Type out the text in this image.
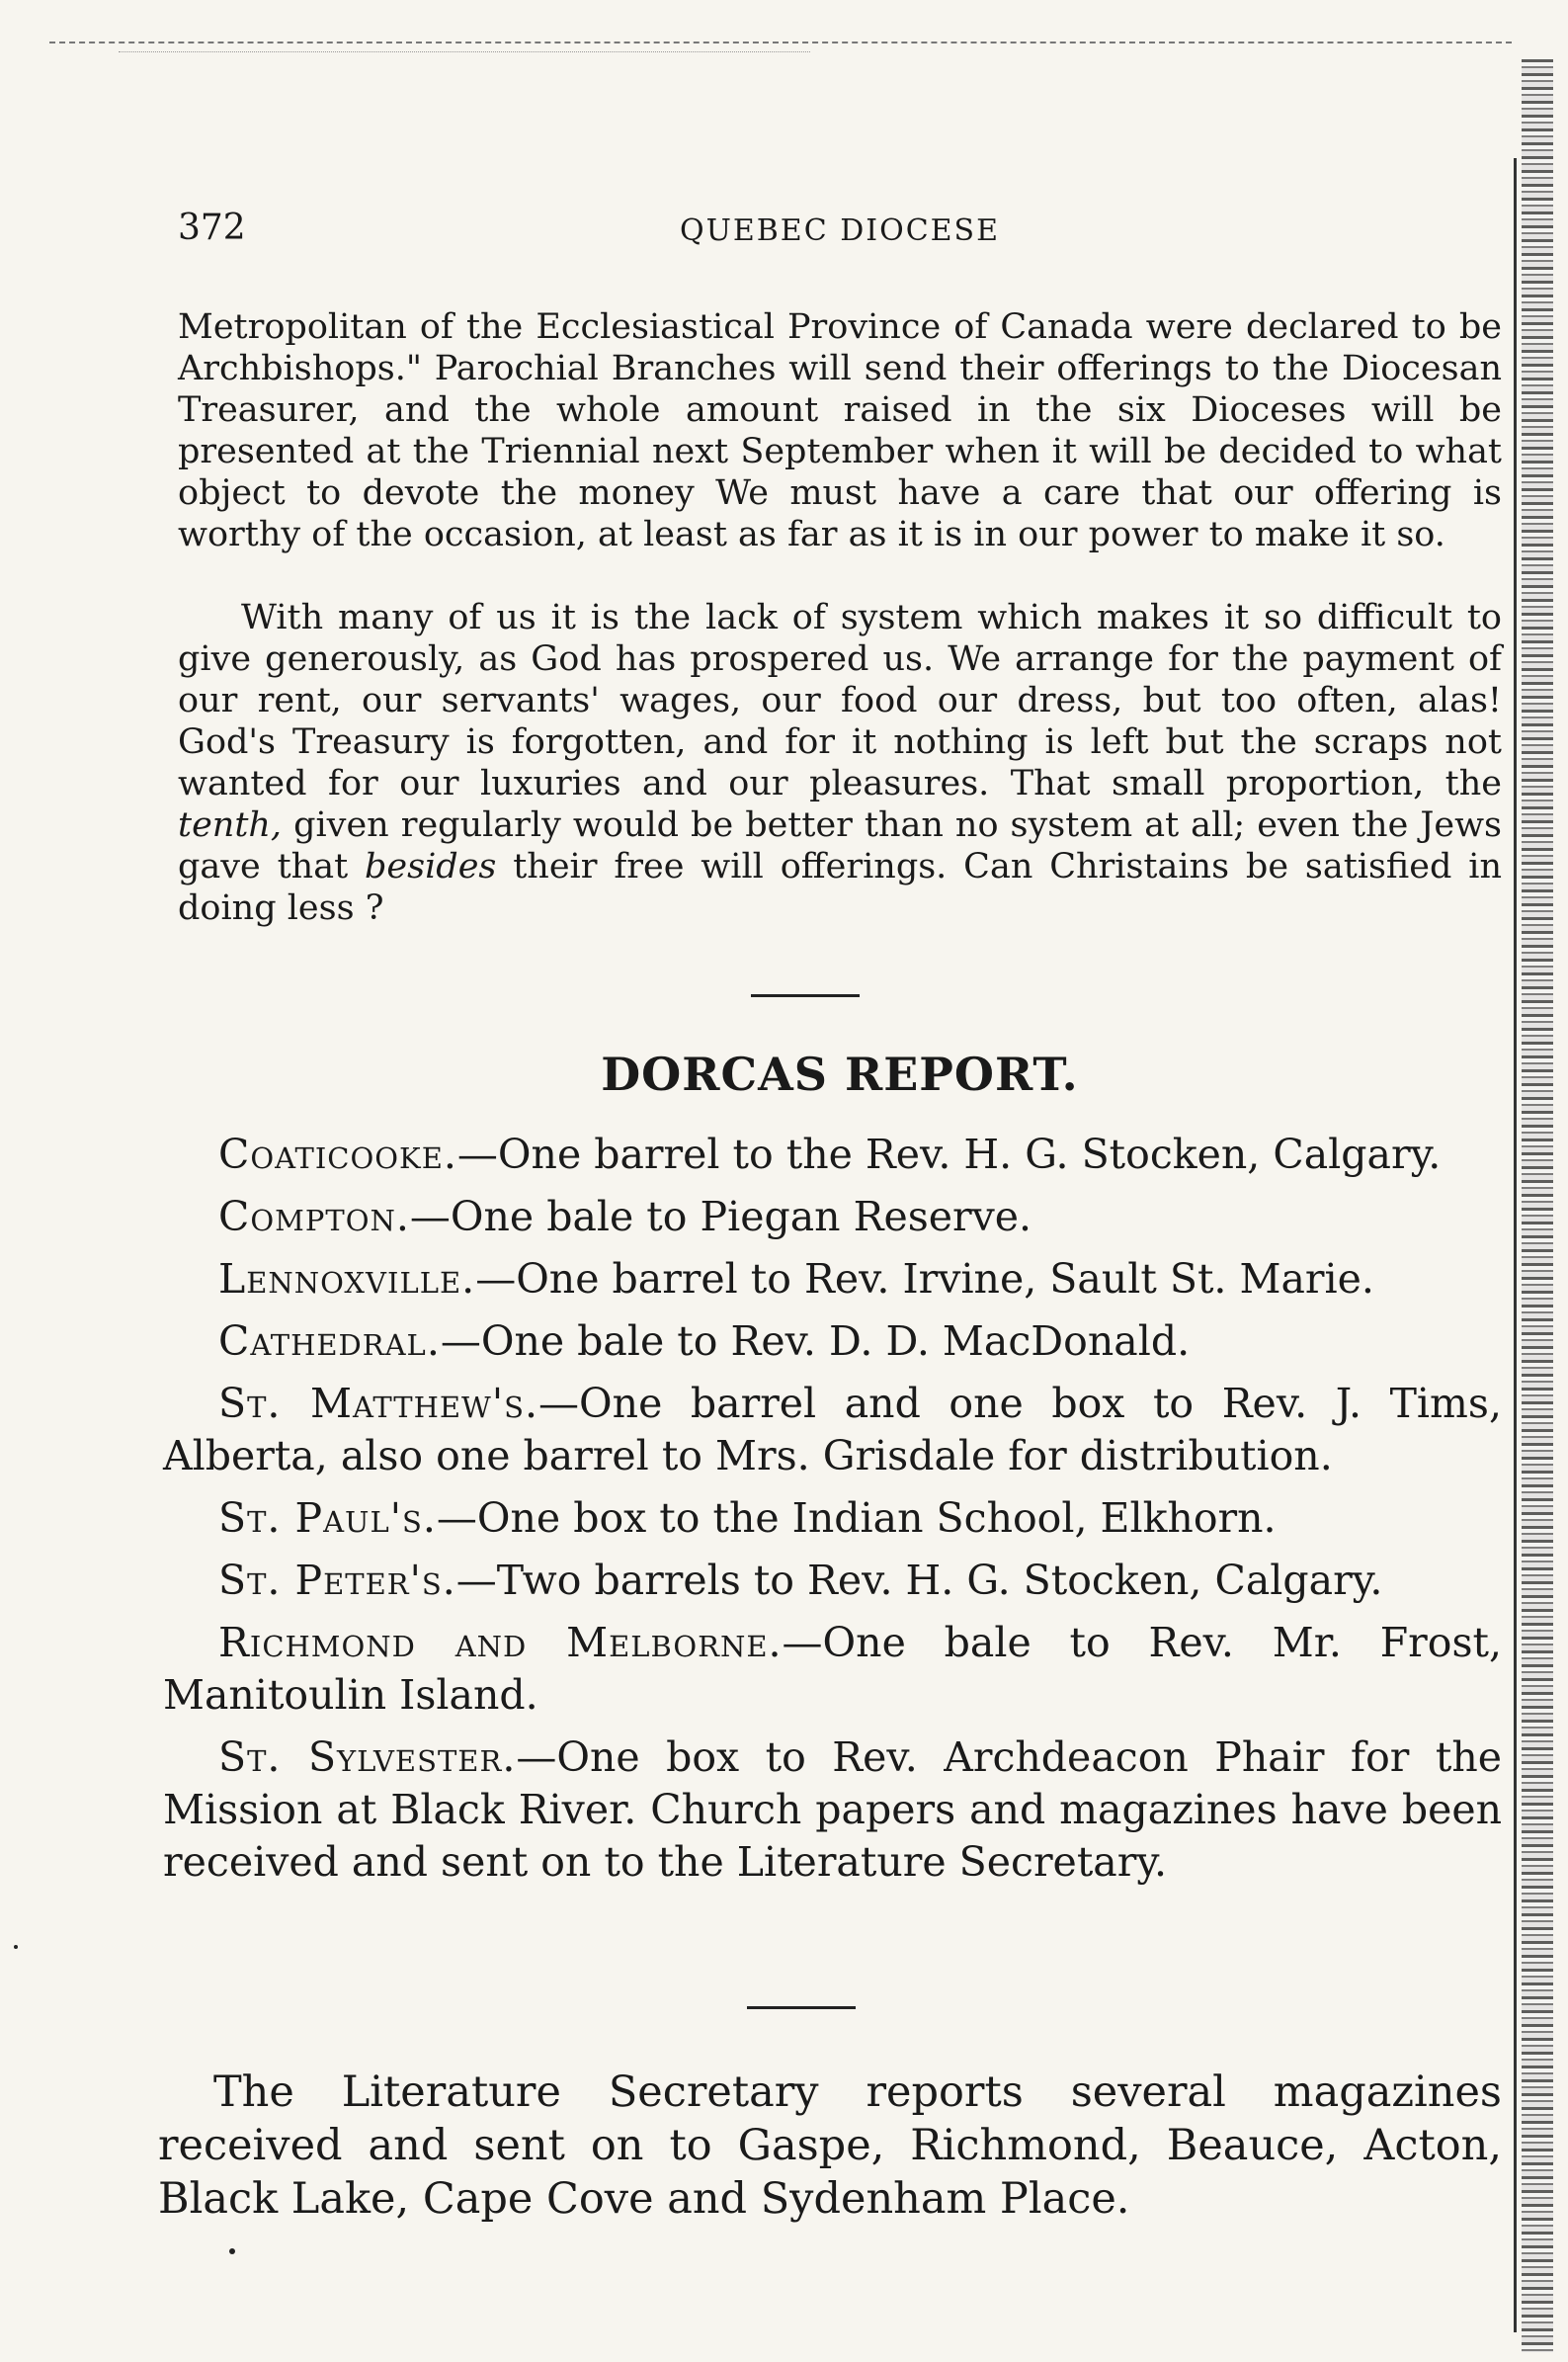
372	QUEBEC DIOCESE

Metropolitan of the Ecclesiastical Province of Canada were declared to be Archbishops." Parochial Branches will send their offerings to the Diocesan Treasurer, and the whole amount raised in the six Dioceses will be presented at the Triennial next September when it will be decided to what object to devote the money We must have a care that our offering is worthy of the occasion, at least as far as it is in our power to make it so.

With many of us it is the lack of system which makes it so difficult to give generously, as God has prospered us. We arrange for the payment of our rent, our servants' wages, our food our dress, but too often, alas! God's Treasury is forgotten, and for it nothing is left but the scraps not wanted for our luxuries and our pleasures. That small proportion, the tenth, given regularly would be better than no system at all; even the Jews gave that besides their free will offerings. Can Christains be satisfied in doing less ?

DORCAS REPORT.

Coaticooke.—One barrel to the Rev. H. G. Stocken, Calgary.

Compton.—One bale to Piegan Reserve.

Lennoxville.—One barrel to Rev. Irvine, Sault St. Marie.

Cathedral.—One bale to Rev. D. D. MacDonald.

St. Matthew's.—One barrel and one box to Rev. J. Tims, Alberta, also one barrel to Mrs. Grisdale for distribution.

St. Paul's.—One box to the Indian School, Elkhorn.

St. Peter's.—Two barrels to Rev. H. G. Stocken, Calgary.

Richmond and Melborne.—One bale to Rev. Mr. Frost, Manitoulin Island.

St. Sylvester.—One box to Rev. Archdeacon Phair for the Mission at Black River. Church papers and magazines have been received and sent on to the Literature Secretary.

The Literature Secretary reports several magazines received and sent on to Gaspe, Richmond, Beauce, Acton, Black Lake, Cape Cove and Sydenham Place.
